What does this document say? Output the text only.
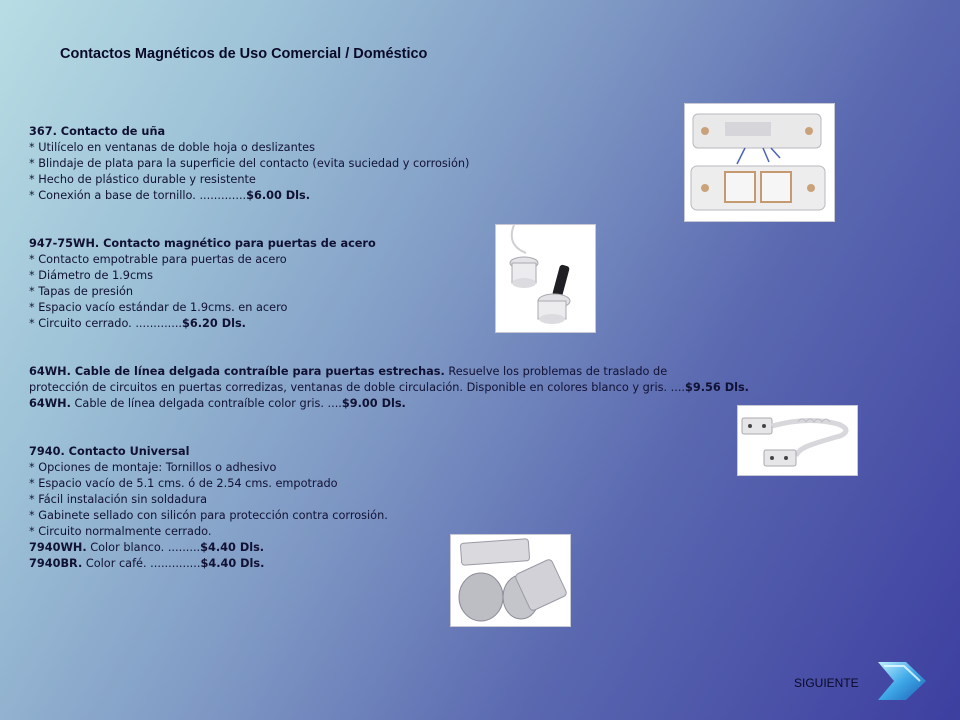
Contactos Magnéticos de Uso Comercial / Doméstico
367. Contacto de uña
* Utilícelo en ventanas de doble hoja o deslizantes
* Blindaje de plata para la superficie del contacto (evita suciedad y corrosión)
* Hecho de plástico durable y resistente
* Conexión a base de tornillo. .............$6.00 Dls.
947-75WH. Contacto magnético para puertas de acero
* Contacto empotrable para puertas de acero
* Diámetro de 1.9cms
* Tapas de presión
* Espacio vacío estándar de 1.9cms. en acero
* Circuito cerrado. .............$6.20 Dls.
64WH. Cable de línea delgada contraíble para puertas estrechas. Resuelve los problemas de traslado de
protección de circuitos en puertas corredizas, ventanas de doble circulación. Disponible en colores blanco y gris. ....$9.56 Dls.
64WH. Cable de línea delgada contraíble color gris. ....$9.00 Dls.
7940. Contacto Universal
* Opciones de montaje: Tornillos o adhesivo
* Espacio vacío de 5.1 cms. ó de 2.54 cms. empotrado
* Fácil instalación sin soldadura
* Gabinete sellado con silicón para protección contra corrosión.
* Circuito normalmente cerrado.
7940WH. Color blanco. .........$4.40 Dls.
7940BR. Color café. ..............$4.40 Dls.
SIGUIENTE
